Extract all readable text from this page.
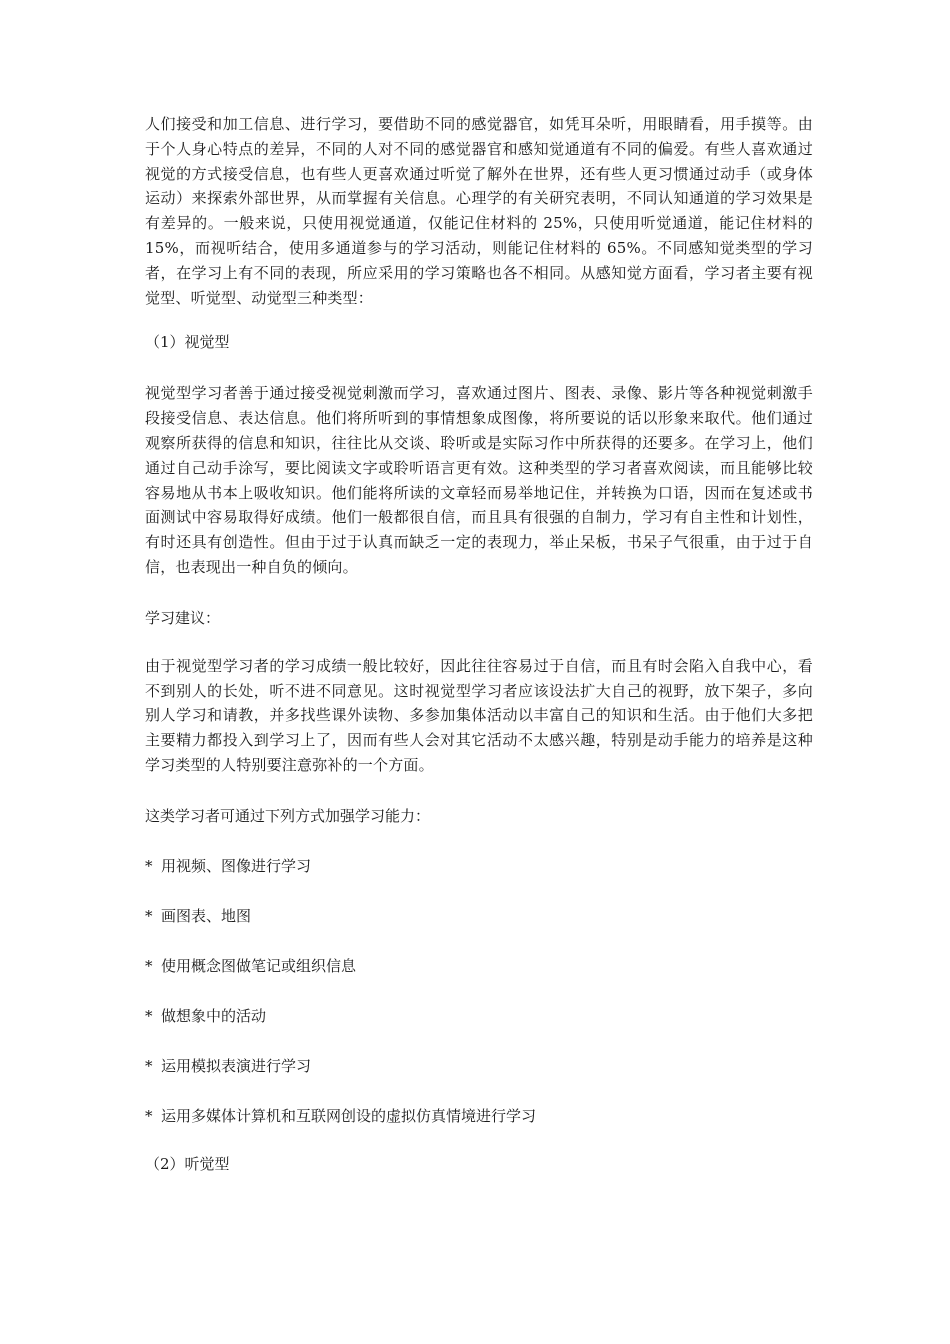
人们接受和加工信息、进行学习，要借助不同的感觉器官，如凭耳朵听，用眼睛看，用手摸等。由于个人身心特点的差异，不同的人对不同的感觉器官和感知觉通道有不同的偏爱。有些人喜欢通过视觉的方式接受信息，也有些人更喜欢通过听觉了解外在世界，还有些人更习惯通过动手（或身体运动）来探索外部世界，从而掌握有关信息。心理学的有关研究表明，不同认知通道的学习效果是有差异的。一般来说，只使用视觉通道，仅能记住材料的 25%，只使用听觉通道，能记住材料的 15%，而视听结合，使用多通道参与的学习活动，则能记住材料的 65%。不同感知觉类型的学习者，在学习上有不同的表现，所应采用的学习策略也各不相同。从感知觉方面看，学习者主要有视觉型、听觉型、动觉型三种类型：

（1）视觉型

视觉型学习者善于通过接受视觉刺激而学习，喜欢通过图片、图表、录像、影片等各种视觉刺激手段接受信息、表达信息。他们将所听到的事情想象成图像，将所要说的话以形象来取代。他们通过观察所获得的信息和知识，往往比从交谈、聆听或是实际习作中所获得的还要多。在学习上，他们通过自己动手涂写，要比阅读文字或聆听语言更有效。这种类型的学习者喜欢阅读，而且能够比较容易地从书本上吸收知识。他们能将所读的文章轻而易举地记住，并转换为口语，因而在复述或书面测试中容易取得好成绩。他们一般都很自信，而且具有很强的自制力，学习有自主性和计划性，有时还具有创造性。但由于过于认真而缺乏一定的表现力，举止呆板，书呆子气很重，由于过于自信，也表现出一种自负的倾向。

学习建议：

由于视觉型学习者的学习成绩一般比较好，因此往往容易过于自信，而且有时会陷入自我中心，看不到别人的长处，听不进不同意见。这时视觉型学习者应该设法扩大自己的视野，放下架子，多向别人学习和请教，并多找些课外读物、多参加集体活动以丰富自己的知识和生活。由于他们大多把主要精力都投入到学习上了，因而有些人会对其它活动不太感兴趣，特别是动手能力的培养是这种学习类型的人特别要注意弥补的一个方面。

这类学习者可通过下列方式加强学习能力：

* 用视频、图像进行学习
* 画图表、地图
* 使用概念图做笔记或组织信息
* 做想象中的活动
* 运用模拟表演进行学习
* 运用多媒体计算机和互联网创设的虚拟仿真情境进行学习

（2）听觉型
